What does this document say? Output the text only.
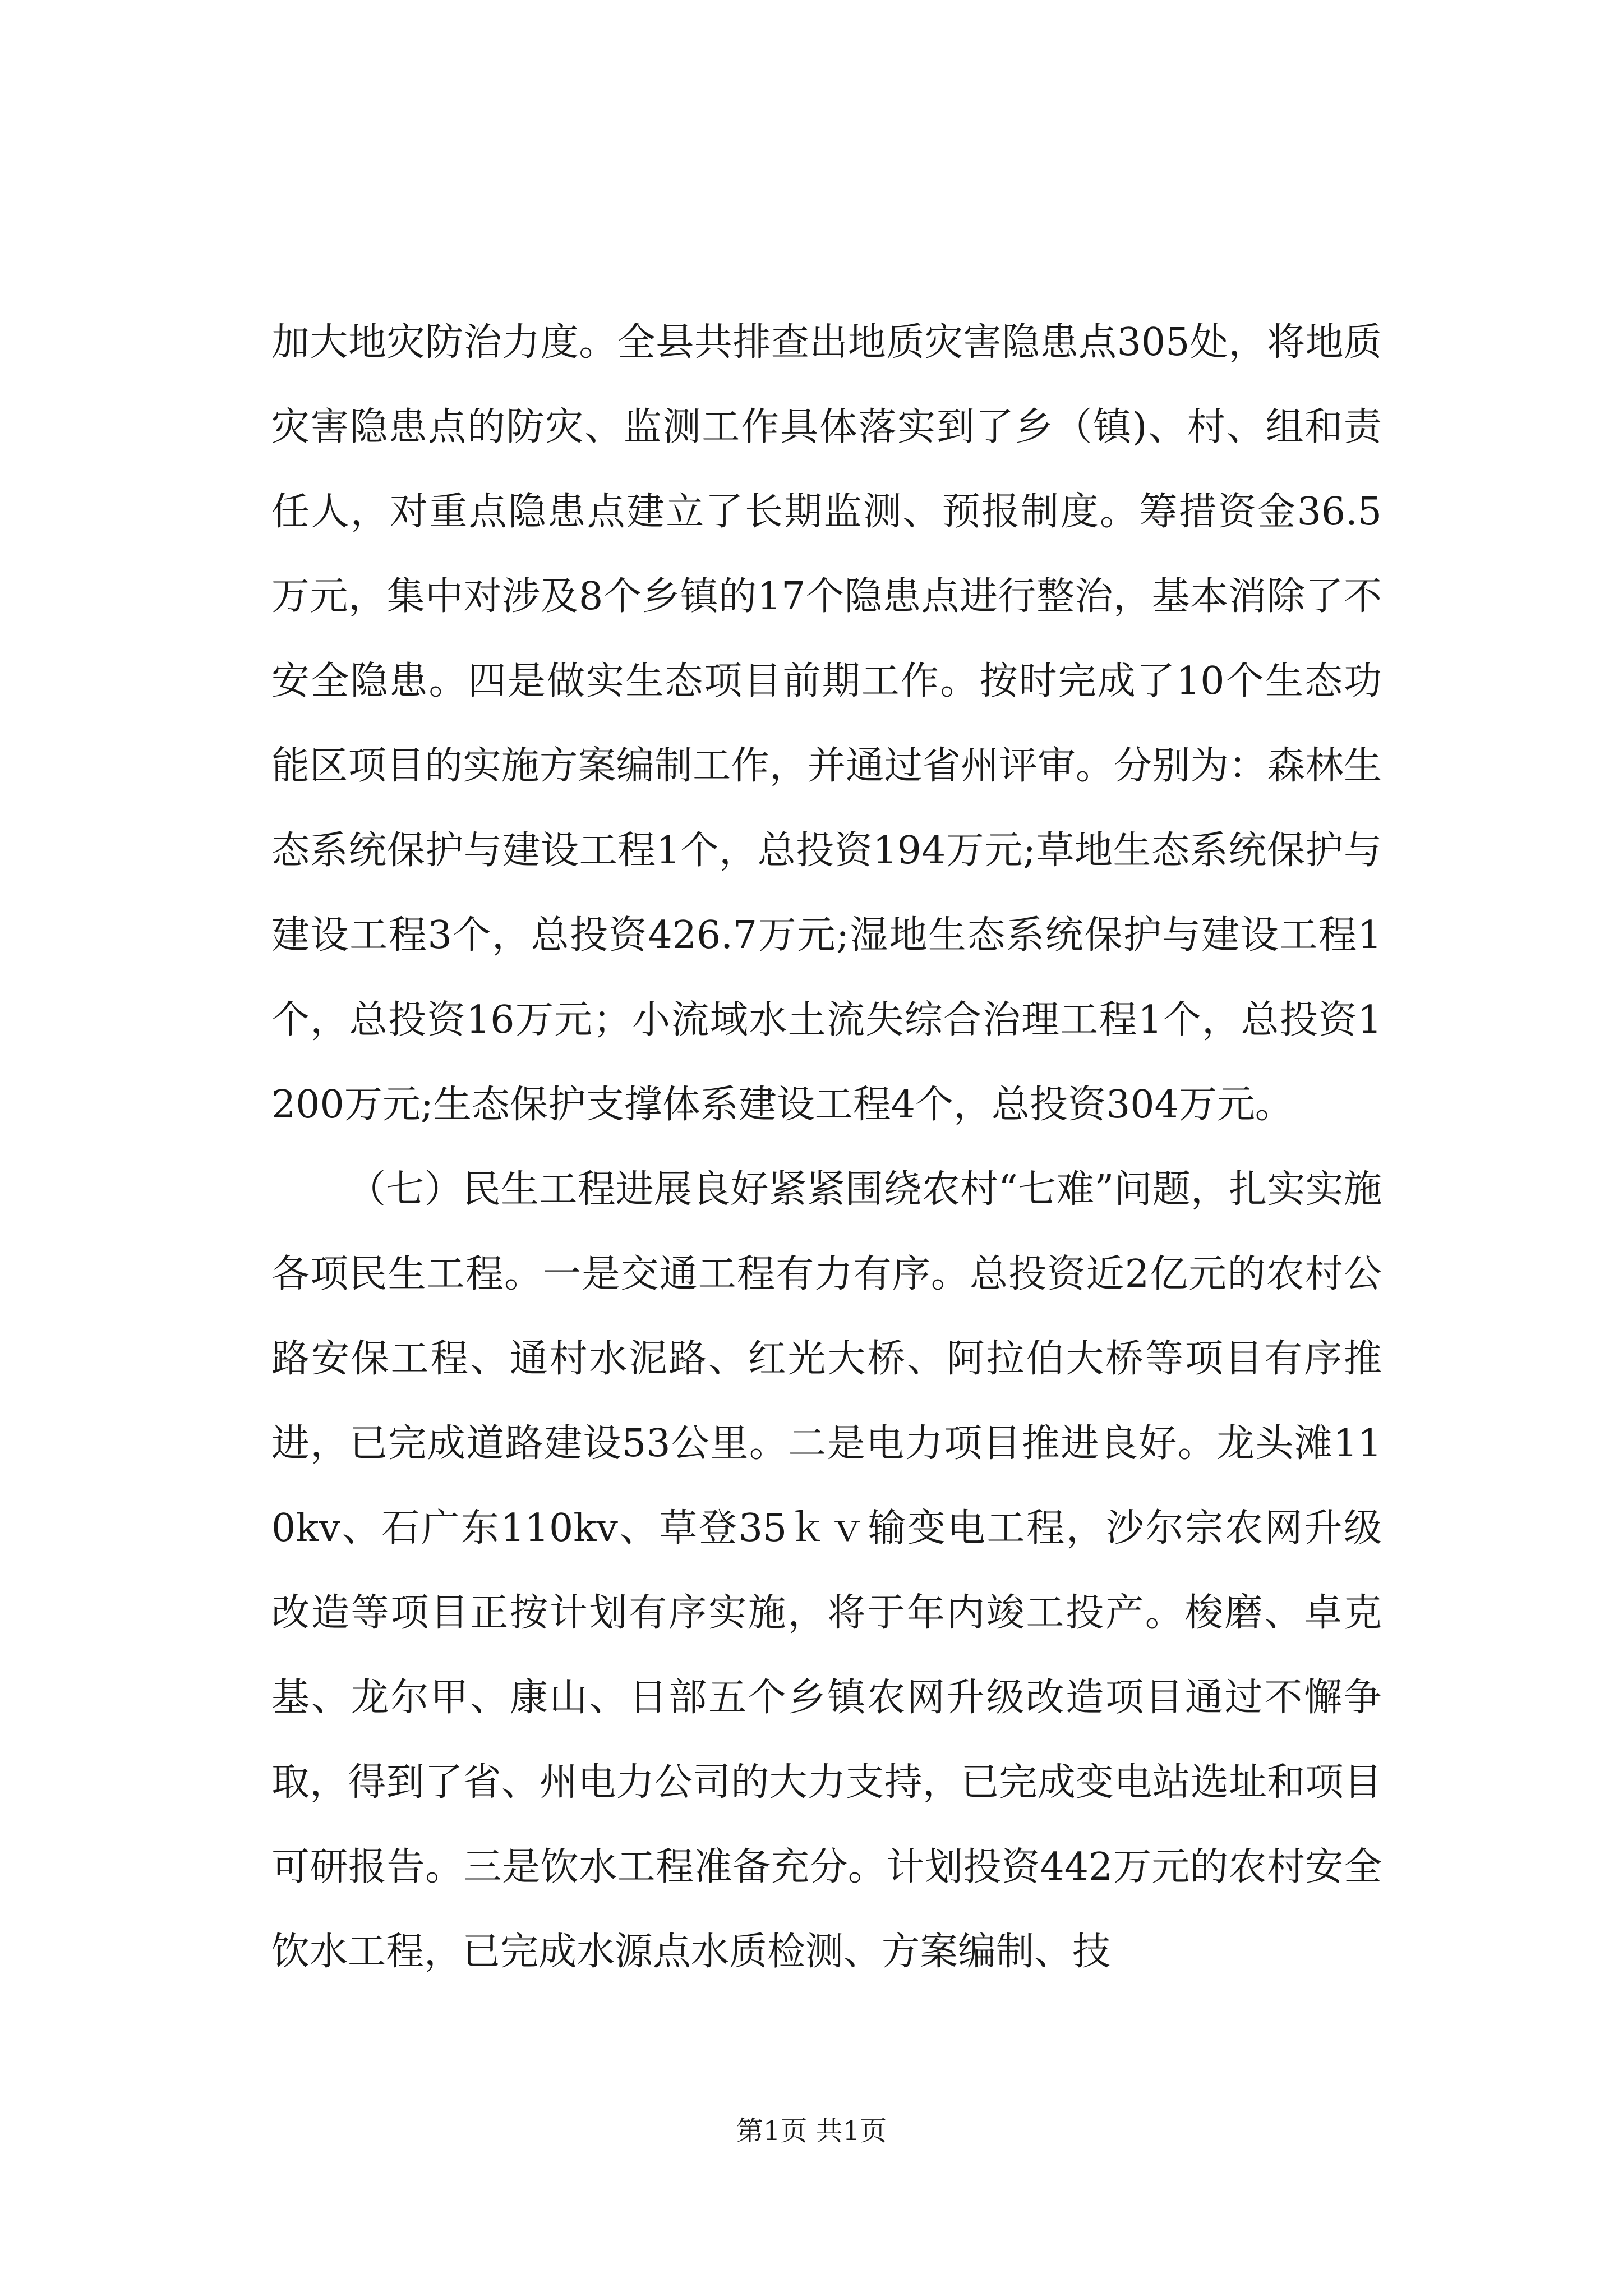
加大地灾防治力度。全县共排查出地质灾害隐患点305处，将地质灾害隐患点的防灾、监测工作具体落实到了乡（镇)、村、组和责任人，对重点隐患点建立了长期监测、预报制度。筹措资金36.5万元，集中对涉及8个乡镇的17个隐患点进行整治，基本消除了不安全隐患。四是做实生态项目前期工作。按时完成了10个生态功能区项目的实施方案编制工作，并通过省州评审。分别为：森林生态系统保护与建设工程1个，总投资194万元;草地生态系统保护与建设工程3个，总投资426.7万元;湿地生态系统保护与建设工程1个，总投资16万元；小流域水土流失综合治理工程1个，总投资1200万元;生态保护支撑体系建设工程4个，总投资304万元。

（七）民生工程进展良好紧紧围绕农村“七难”问题，扎实实施各项民生工程。一是交通工程有力有序。总投资近2亿元的农村公路安保工程、通村水泥路、红光大桥、阿拉伯大桥等项目有序推进，已完成道路建设53公里。二是电力项目推进良好。龙头滩110kv、石广东110kv、草登35ｋｖ输变电工程，沙尔宗农网升级改造等项目正按计划有序实施，将于年内竣工投产。梭磨、卓克基、龙尔甲、康山、日部五个乡镇农网升级改造项目通过不懈争取，得到了省、州电力公司的大力支持，已完成变电站选址和项目可研报告。三是饮水工程准备充分。计划投资442万元的农村安全饮水工程，已完成水源点水质检测、方案编制、技

第1页 共1页
